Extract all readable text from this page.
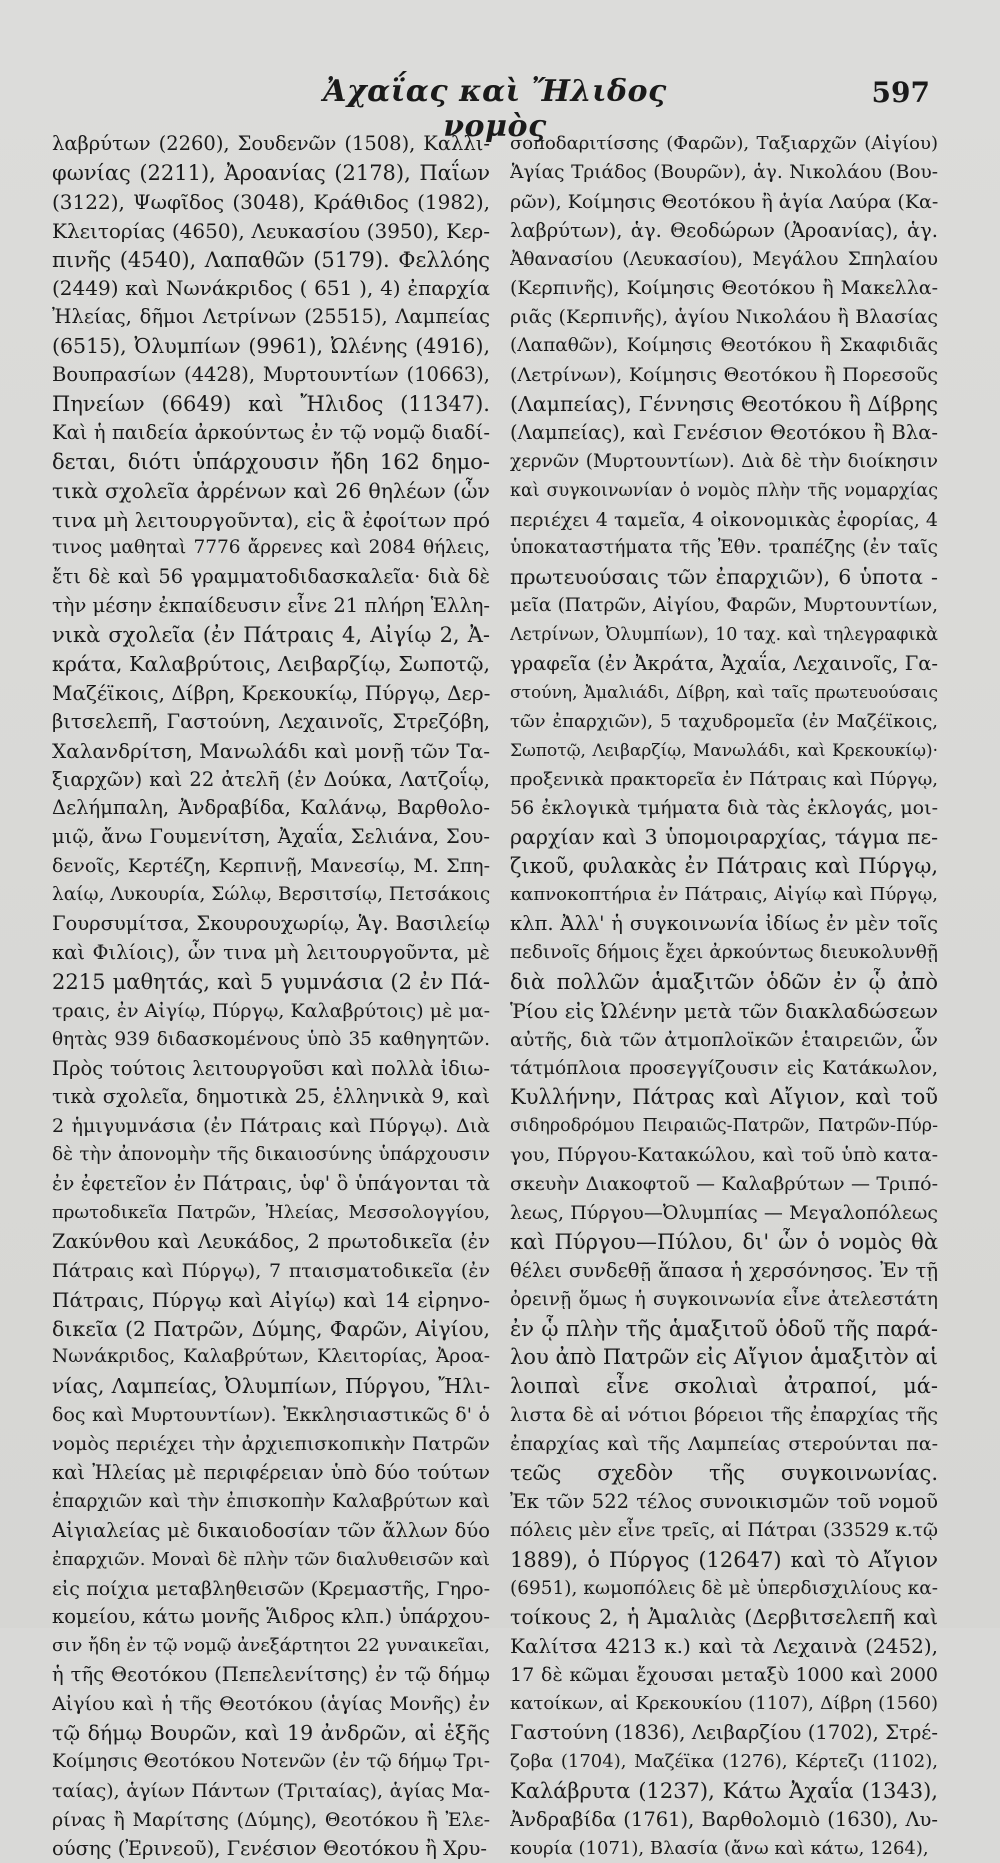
Ἀχαΐας καὶ Ἤλιδος νομὸς
597
λαβρύτων (2260), Σουδενῶν (1508), Καλλι-
φωνίας (2211), Ἀροανίας (2178), Παΐων
(3122), Ψωφῖδος (3048), Κράθιδος (1982),
Κλειτορίας (4650), Λευκασίου (3950), Κερ-
πινῆς (4540), Λαπαθῶν (5179). Φελλόης
(2449) καὶ Νωνάκριδος ( 651 ), 4) ἐπαρχία
Ἠλείας, δῆμοι Λετρίνων (25515), Λαμπείας
(6515), Ὀλυμπίων (9961), Ὠλένης (4916),
Βουπρασίων (4428), Μυρτουντίων (10663),
Πηνείων (6649) καὶ Ἤλιδος (11347).
Καὶ ἡ παιδεία ἀρκούντως ἐν τῷ νομῷ διαδί-
δεται, διότι ὑπάρχουσιν ἤδη 162 δημο-
τικὰ σχολεῖα ἀρρένων καὶ 26 θηλέων (ὧν
τινα μὴ λειτουργοῦντα), εἰς ἃ ἐφοίτων πρό
τινος μαθηταὶ 7776 ἄρρενες καὶ 2084 θήλεις,
ἔτι δὲ καὶ 56 γραμματοδιδασκαλεῖα· διὰ δὲ
τὴν μέσην ἐκπαίδευσιν εἶνε 21 πλήρη Ἑλλη-
νικὰ σχολεῖα (ἐν Πάτραις 4, Αἰγίῳ 2, Ἀ-
κράτα, Καλαβρύτοις, Λειβαρζίῳ, Σωποτῷ,
Μαζέϊκοις, Δίβρη, Κρεκουκίῳ, Πύργῳ, Δερ-
βιτσελεπῆ, Γαστούνη, Λεχαινοῖς, Στρεζόβη,
Χαλανδρίτση, Μανωλάδι καὶ μονῇ τῶν Τα-
ξιαρχῶν) καὶ 22 ἀτελῆ (ἐν Δούκα, Λατζοΐῳ,
Δελήμπαλη, Ἀνδραβίδα, Καλάνῳ, Βαρθολο-
μιῷ, ἄνω Γουμενίτση, Ἀχαΐα, Σελιάνα, Σου-
δενοῖς, Κερτέζη, Κερπινῇ, Μανεσίῳ, Μ. Σπη-
λαίῳ, Λυκουρία, Σώλῳ, Βερσιτσίῳ, Πετσάκοις
Γουρσυμίτσα, Σκουρουχωρίῳ, Ἁγ. Βασιλείῳ
καὶ Φιλίοις), ὧν τινα μὴ λειτουργοῦντα, μὲ
2215 μαθητάς, καὶ 5 γυμνάσια (2 ἐν Πά-
τραις, ἐν Αἰγίῳ, Πύργῳ, Καλαβρύτοις) μὲ μα-
θητὰς 939 διδασκομένους ὑπὸ 35 καθηγητῶν.
Πρὸς τούτοις λειτουργοῦσι καὶ πολλὰ ἰδιω-
τικὰ σχολεῖα, δημοτικὰ 25, ἑλληνικὰ 9, καὶ
2 ἡμιγυμνάσια (ἐν Πάτραις καὶ Πύργῳ). Διὰ
δὲ τὴν ἀπονομὴν τῆς δικαιοσύνης ὑπάρχουσιν
ἐν ἐφετεῖον ἐν Πάτραις, ὑφ' ὃ ὑπάγονται τὰ
πρωτοδικεῖα Πατρῶν, Ἠλείας, Μεσσολογγίου,
Ζακύνθου καὶ Λευκάδος, 2 πρωτοδικεῖα (ἐν
Πάτραις καὶ Πύργῳ), 7 πταισματοδικεῖα (ἐν
Πάτραις, Πύργῳ καὶ Αἰγίῳ) καὶ 14 εἰρηνο-
δικεῖα (2 Πατρῶν, Δύμης, Φαρῶν, Αἰγίου,
Νωνάκριδος, Καλαβρύτων, Κλειτορίας, Ἀροα-
νίας, Λαμπείας, Ὀλυμπίων, Πύργου, Ἤλι-
δος καὶ Μυρτουντίων). Ἐκκλησιαστικῶς δ' ὁ
νομὸς περιέχει τὴν ἀρχιεπισκοπικὴν Πατρῶν
καὶ Ἠλείας μὲ περιφέρειαν ὑπὸ δύο τούτων
ἐπαρχιῶν καὶ τὴν ἐπισκοπὴν Καλαβρύτων καὶ
Αἰγιαλείας μὲ δικαιοδοσίαν τῶν ἄλλων δύο
ἐπαρχιῶν. Μοναὶ δὲ πλὴν τῶν διαλυθεισῶν καὶ
εἰς ποίχια μεταβληθεισῶν (Κρεμαστῆς, Γηρο-
κομείου, κάτω μονῆς Ἅιδρος κλπ.) ὑπάρχου-
σιν ἤδη ἐν τῷ νομῷ ἀνεξάρτητοι 22 γυναικεῖαι,
ἡ τῆς Θεοτόκου (Πεπελενίτσης) ἐν τῷ δήμῳ
Αἰγίου καὶ ἡ τῆς Θεοτόκου (ἁγίας Μονῆς) ἐν
τῷ δήμῳ Βουρῶν, καὶ 19 ἀνδρῶν, αἱ ἑξῆς
Κοίμησις Θεοτόκου Νοτενῶν (ἐν τῷ δήμῳ Τρι-
ταίας), ἁγίων Πάντων (Τριταίας), ἁγίας Μα-
ρίνας ἢ Μαρίτσης (Δύμης), Θεοτόκου ἢ Ἐλε-
ούσης (Ἐρινεοῦ), Γενέσιον Θεοτόκου ἢ Χρυ-
σοποδαριτίσσης (Φαρῶν), Ταξιαρχῶν (Αἰγίου)
Ἁγίας Τριάδος (Βουρῶν), ἁγ. Νικολάου (Βου-
ρῶν), Κοίμησις Θεοτόκου ἢ ἁγία Λαύρα (Κα-
λαβρύτων), ἁγ. Θεοδώρων (Ἀροανίας), ἁγ.
Ἀθανασίου (Λευκασίου), Μεγάλου Σπηλαίου
(Κερπινῆς), Κοίμησις Θεοτόκου ἢ Μακελλα-
ριᾶς (Κερπινῆς), ἁγίου Νικολάου ἢ Βλασίας
(Λαπαθῶν), Κοίμησις Θεοτόκου ἢ Σκαφιδιᾶς
(Λετρίνων), Κοίμησις Θεοτόκου ἢ Πορεσοῦς
(Λαμπείας), Γέννησις Θεοτόκου ἢ Δίβρης
(Λαμπείας), καὶ Γενέσιον Θεοτόκου ἢ Βλα-
χερνῶν (Μυρτουντίων). Διὰ δὲ τὴν διοίκησιν
καὶ συγκοινωνίαν ὁ νομὸς πλὴν τῆς νομαρχίας
περιέχει 4 ταμεῖα, 4 οἰκονομικὰς ἐφορίας, 4
ὑποκαταστήματα τῆς Ἐθν. τραπέζης (ἐν ταῖς
πρωτευούσαις τῶν ἐπαρχιῶν), 6 ὑποτα -
μεῖα (Πατρῶν, Αἰγίου, Φαρῶν, Μυρτουντίων,
Λετρίνων, Ὀλυμπίων), 10 ταχ. καὶ τηλεγραφικὰ
γραφεῖα (ἐν Ἀκράτα, Ἀχαΐα, Λεχαινοῖς, Γα-
στούνη, Ἀμαλιάδι, Δίβρη, καὶ ταῖς πρωτευούσαις
τῶν ἐπαρχιῶν), 5 ταχυδρομεῖα (ἐν Μαζέϊκοις,
Σωποτῷ, Λειβαρζίῳ, Μανωλάδι, καὶ Κρεκουκίῳ)·
προξενικὰ πρακτορεῖα ἐν Πάτραις καὶ Πύργῳ,
56 ἐκλογικὰ τμήματα διὰ τὰς ἐκλογάς, μοι-
ραρχίαν καὶ 3 ὑπομοιραρχίας, τάγμα πε-
ζικοῦ, φυλακὰς ἐν Πάτραις καὶ Πύργῳ,
καπνοκοπτήρια ἐν Πάτραις, Αἰγίῳ καὶ Πύργῳ,
κλπ. Ἀλλ' ἡ συγκοινωνία ἰδίως ἐν μὲν τοῖς
πεδινοῖς δήμοις ἔχει ἀρκούντως διευκολυνθῇ
διὰ πολλῶν ἁμαξιτῶν ὁδῶν ἐν ᾧ ἀπὸ
Ῥίου εἰς Ὠλένην μετὰ τῶν διακλαδώσεων
αὐτῆς, διὰ τῶν ἀτμοπλοϊκῶν ἑταιρειῶν, ὧν
τάτμόπλοια προσεγγίζουσιν εἰς Κατάκωλον,
Κυλλήνην, Πάτρας καὶ Αἴγιον, καὶ τοῦ
σιδηροδρόμου Πειραιῶς-Πατρῶν, Πατρῶν-Πύρ-
γου, Πύργου-Κατακώλου, καὶ τοῦ ὑπὸ κατα-
σκευὴν Διακοφτοῦ — Καλαβρύτων — Τριπό-
λεως, Πύργου—Ὀλυμπίας — Μεγαλοπόλεως
καὶ Πύργου—Πύλου, δι' ὧν ὁ νομὸς θὰ
θέλει συνδεθῇ ἅπασα ἡ χερσόνησος. Ἐν τῇ
ὀρεινῇ ὅμως ἡ συγκοινωνία εἶνε ἀτελεστάτη
ἐν ᾧ πλὴν τῆς ἁμαξιτοῦ ὁδοῦ τῆς παρά-
λου ἀπὸ Πατρῶν εἰς Αἴγιον ἁμαξιτὸν αἱ
λοιπαὶ εἶνε σκολιαὶ ἀτραποί, μά-
λιστα δὲ αἱ νότιοι βόρειοι τῆς ἐπαρχίας τῆς
ἐπαρχίας καὶ τῆς Λαμπείας στερούνται πα-
τεῶς σχεδὸν τῆς συγκοινωνίας.
Ἐκ τῶν 522 τέλος συνοικισμῶν τοῦ νομοῦ
πόλεις μὲν εἶνε τρεῖς, αἱ Πάτραι (33529 κ.τῷ
1889), ὁ Πύργος (12647) καὶ τὸ Αἴγιον
(6951), κωμοπόλεις δὲ μὲ ὑπερδισχιλίους κα-
τοίκους 2, ἡ Ἀμαλιὰς (Δερβιτσελεπῆ καὶ
Καλίτσα 4213 κ.) καὶ τὰ Λεχαινὰ (2452),
17 δὲ κῶμαι ἔχουσαι μεταξὺ 1000 καὶ 2000
κατοίκων, αἱ Κρεκουκίου (1107), Δίβρη (1560)
Γαστούνη (1836), Λειβαρζίου (1702), Στρέ-
ζοβα (1704), Μαζέϊκα (1276), Κέρτεζι (1102),
Καλάβρυτα (1237), Κάτω Ἀχαΐα (1343),
Ἀνδραβίδα (1761), Βαρθολομιὸ (1630), Λυ-
κουρία (1071), Βλασία (ἄνω καὶ κάτω, 1264),
